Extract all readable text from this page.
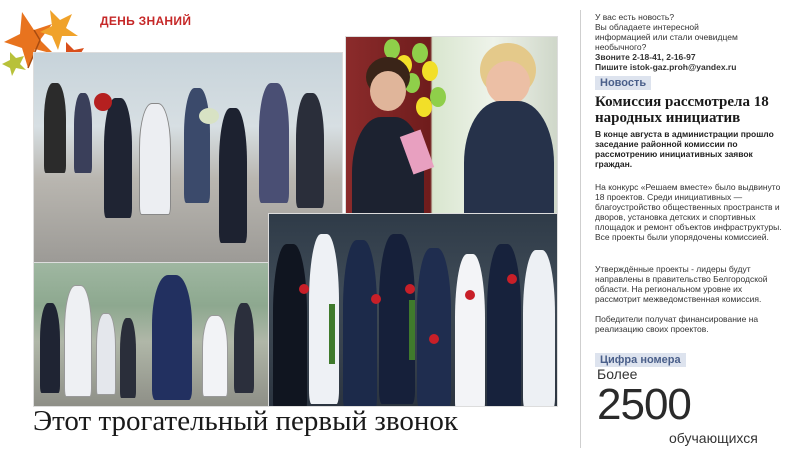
ДЕНЬ ЗНАНИЙ
Этот трогательный первый звонок
У вас есть новость?
Вы обладаете интересной
информацией или стали очевидцем
необычного?
Звоните 2-18-41, 2-16-97
Пишите istok-gaz.proh@yandex.ru
Новость
Комиссия рассмотрела 18 народных инициатив
В конце августа в администрации прошло заседание районной комиссии по рассмотрению инициативных заявок граждан.
На конкурс «Решаем вместе» было выдвинуто 18 проектов. Среди инициативных — благоустройство общественных пространств и дворов, установка детских и спортивных площадок и ремонт объектов инфраструктуры. Все проекты были упорядочены комиссией.
Утверждённые проекты - лидеры будут направлены в правительство Белгородской области. На региональном уровне их рассмотрит межведомственная комиссия.
Победители получат финансирование на реализацию своих проектов.
Цифра номера
Более
2500
обучающихся
